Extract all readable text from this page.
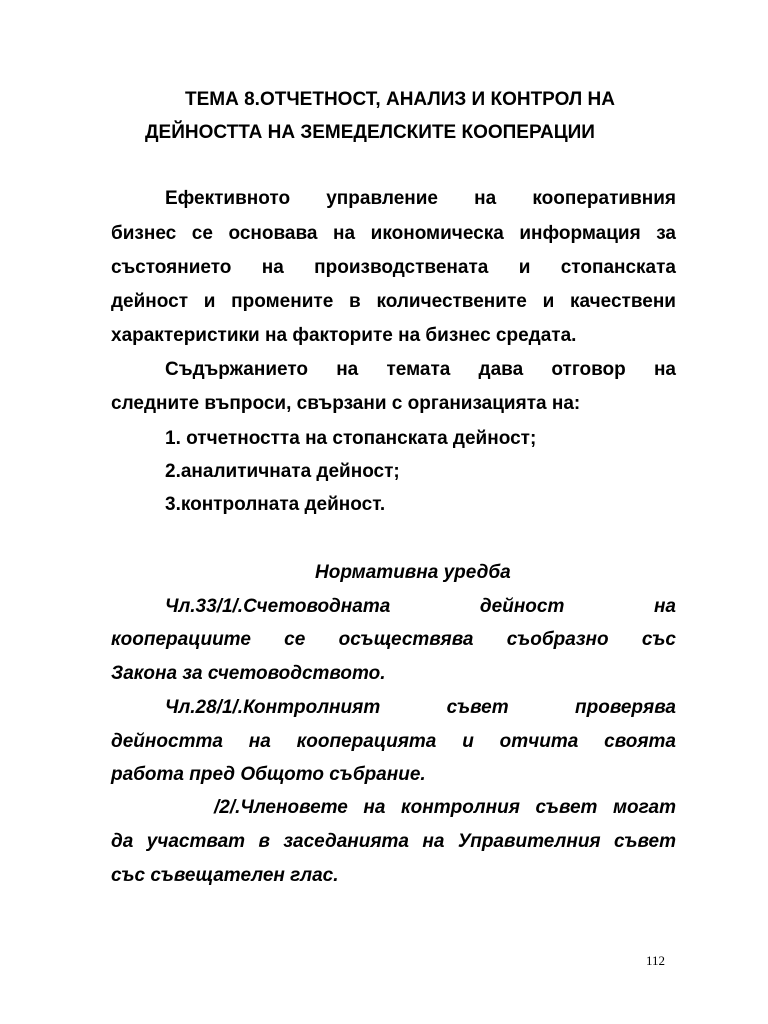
ТЕМА 8.ОТЧЕТНОСТ, АНАЛИЗ И КОНТРОЛ НА
ДЕЙНОСТТА НА ЗЕМЕДЕЛСКИТЕ КООПЕРАЦИИ
Ефективното управление на кооперативния
бизнес се основава на икономическа информация за
състоянието на производствената и стопанската
дейност и промените в количествените и качествени
характеристики на факторите на бизнес средата.
Съдържанието на темата дава отговор на
следните въпроси, свързани с организацията на:
1. отчетността на стопанската дейност;
2.аналитичната дейност;
3.контролната дейност.
Нормативна уредба
Чл.33/1/.Счетоводната дейност на
кооперациите се осъществява съобразно със
Закона за счетоводството.
Чл.28/1/.Контролният съвет проверява
дейността на кооперацията и отчита своята
работа пред Общото събрание.
/2/.Членовете на контролния съвет могат
да участват в заседанията на Управителния съвет
със съвещателен глас.
112
